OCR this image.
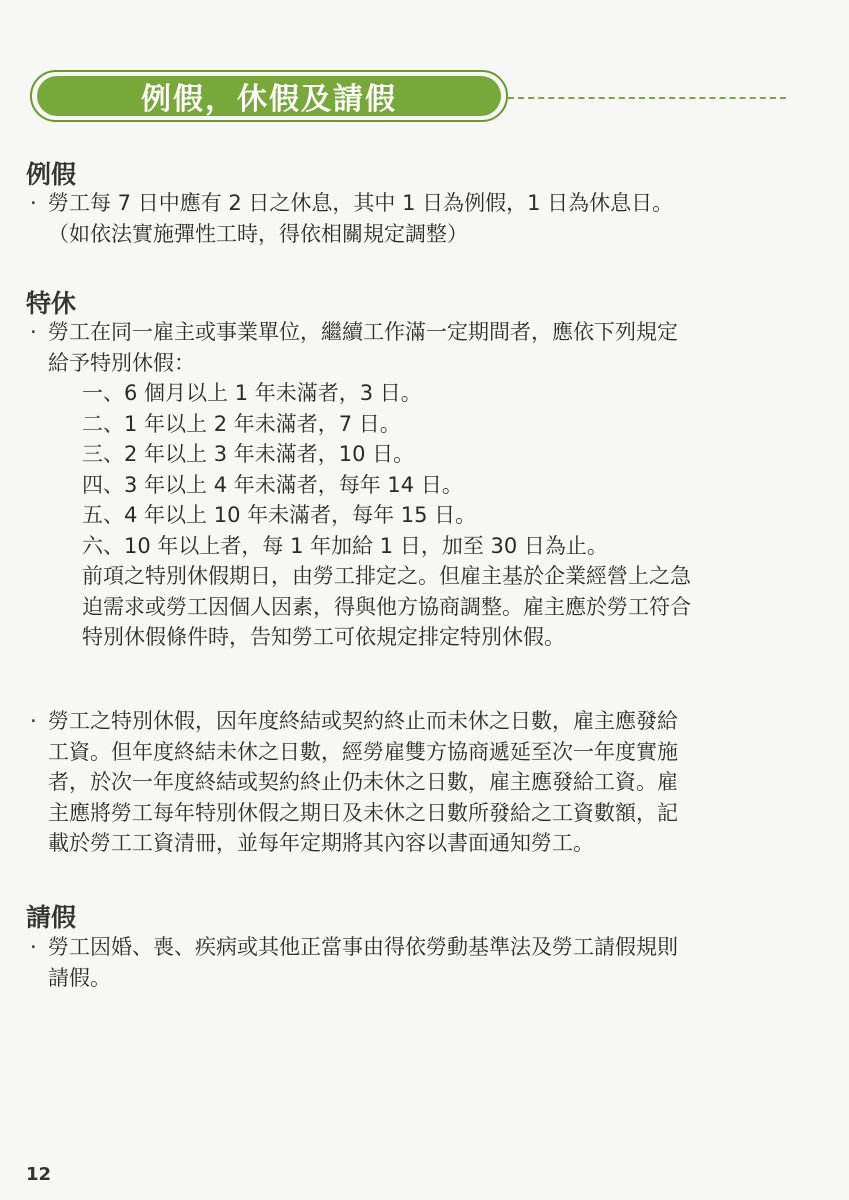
例假，休假及請假
例假
· 勞工每 7 日中應有 2 日之休息，其中 1 日為例假，1 日為休息日。
（如依法實施彈性工時，得依相關規定調整）
特休
· 勞工在同一雇主或事業單位，繼續工作滿一定期間者，應依下列規定
給予特別休假：
一、6 個月以上 1 年未滿者，3 日。
二、1 年以上 2 年未滿者，7 日。
三、2 年以上 3 年未滿者，10 日。
四、3 年以上 4 年未滿者，每年 14 日。
五、4 年以上 10 年未滿者，每年 15 日。
六、10 年以上者，每 1 年加給 1 日，加至 30 日為止。
前項之特別休假期日，由勞工排定之。但雇主基於企業經營上之急
迫需求或勞工因個人因素，得與他方協商調整。雇主應於勞工符合
特別休假條件時，告知勞工可依規定排定特別休假。
· 勞工之特別休假，因年度終結或契約終止而未休之日數，雇主應發給
工資。但年度終結未休之日數，經勞雇雙方協商遞延至次一年度實施
者，於次一年度終結或契約終止仍未休之日數，雇主應發給工資。雇
主應將勞工每年特別休假之期日及未休之日數所發給之工資數額，記
載於勞工工資清冊，並每年定期將其內容以書面通知勞工。
請假
· 勞工因婚、喪、疾病或其他正當事由得依勞動基準法及勞工請假規則
請假。
12
